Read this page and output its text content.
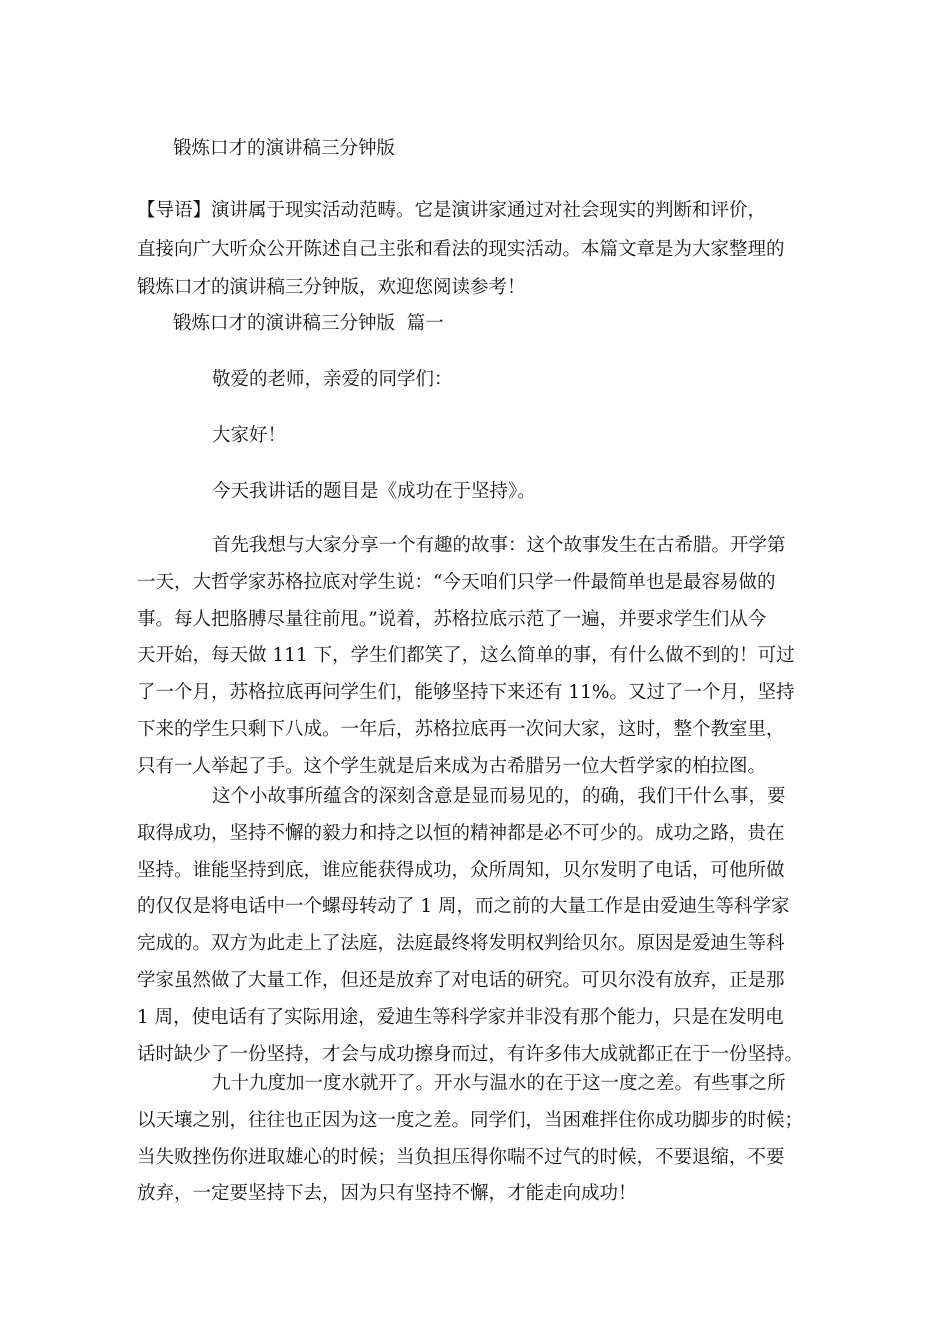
锻炼口才的演讲稿三分钟版
【导语】演讲属于现实活动范畴。它是演讲家通过对社会现实的判断和评价，
直接向广大听众公开陈述自己主张和看法的现实活动。本篇文章是为大家整理的
锻炼口才的演讲稿三分钟版，欢迎您阅读参考！
锻炼口才的演讲稿三分钟版  篇一
敬爱的老师，亲爱的同学们：
大家好！
今天我讲话的题目是《成功在于坚持》。
首先我想与大家分享一个有趣的故事：这个故事发生在古希腊。开学第
一天，大哲学家苏格拉底对学生说：“今天咱们只学一件最简单也是最容易做的
事。每人把胳膊尽量往前甩。”说着，苏格拉底示范了一遍，并要求学生们从今
天开始，每天做 111 下，学生们都笑了，这么简单的事，有什么做不到的！可过
了一个月，苏格拉底再问学生们，能够坚持下来还有 11%。又过了一个月，坚持
下来的学生只剩下八成。一年后，苏格拉底再一次问大家，这时，整个教室里，
只有一人举起了手。这个学生就是后来成为古希腊另一位大哲学家的柏拉图。
这个小故事所蕴含的深刻含意是显而易见的，的确，我们干什么事，要
取得成功，坚持不懈的毅力和持之以恒的精神都是必不可少的。成功之路，贵在
坚持。谁能坚持到底，谁应能获得成功，众所周知，贝尔发明了电话，可他所做
的仅仅是将电话中一个螺母转动了 1 周，而之前的大量工作是由爱迪生等科学家
完成的。双方为此走上了法庭，法庭最终将发明权判给贝尔。原因是爱迪生等科
学家虽然做了大量工作，但还是放弃了对电话的研究。可贝尔没有放弃，正是那
1 周，使电话有了实际用途，爱迪生等科学家并非没有那个能力，只是在发明电
话时缺少了一份坚持，才会与成功擦身而过，有许多伟大成就都正在于一份坚持。
九十九度加一度水就开了。开水与温水的在于这一度之差。有些事之所
以天壤之别，往往也正因为这一度之差。同学们，当困难拌住你成功脚步的时候；
当失败挫伤你进取雄心的时候；当负担压得你喘不过气的时候，不要退缩，不要
放弃，一定要坚持下去，因为只有坚持不懈，才能走向成功！
